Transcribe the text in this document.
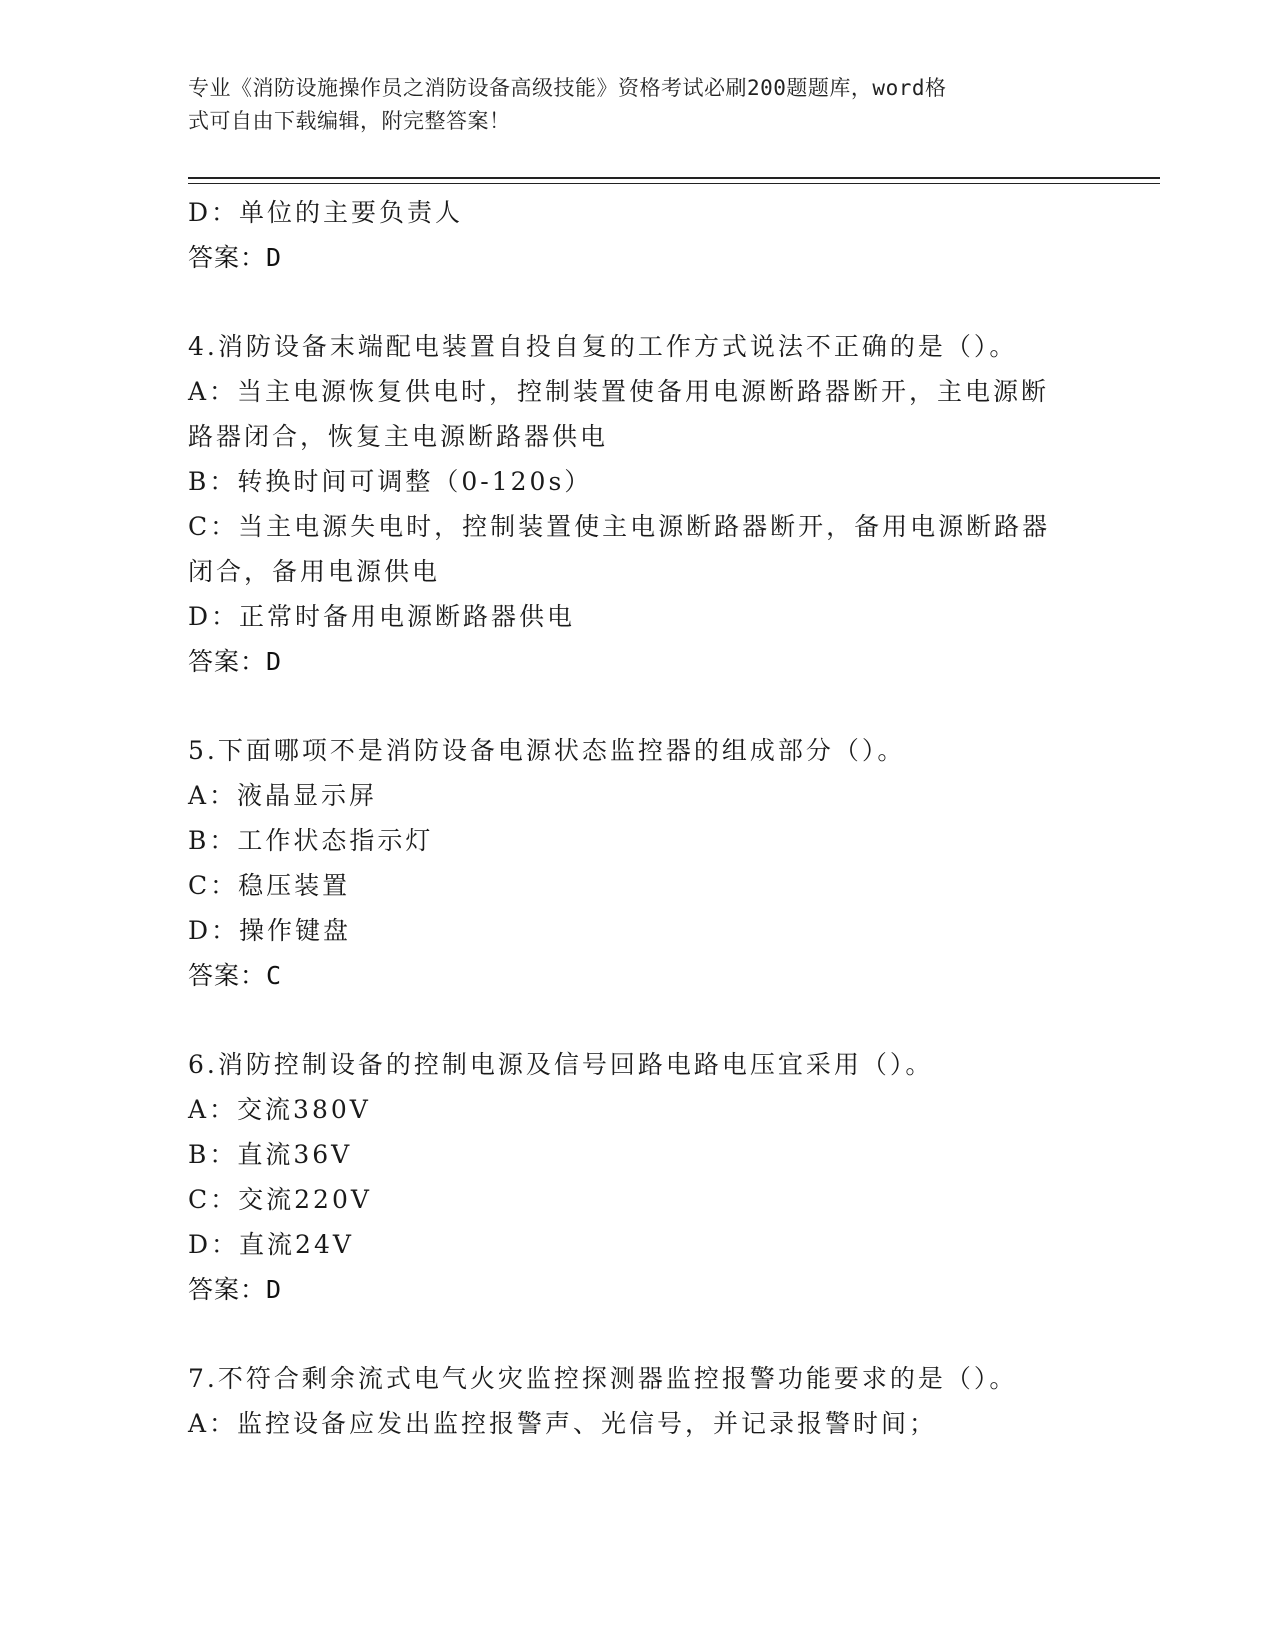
专业《消防设施操作员之消防设备高级技能》资格考试必刷200题题库，word格
式可自由下载编辑，附完整答案！
D：单位的主要负责人
答案：D
4.消防设备末端配电装置自投自复的工作方式说法不正确的是（）。
A：当主电源恢复供电时，控制装置使备用电源断路器断开，主电源断
路器闭合，恢复主电源断路器供电
B：转换时间可调整（0-120s）
C：当主电源失电时，控制装置使主电源断路器断开，备用电源断路器
闭合，备用电源供电
D：正常时备用电源断路器供电
答案：D
5.下面哪项不是消防设备电源状态监控器的组成部分（）。
A：液晶显示屏
B：工作状态指示灯
C：稳压装置
D：操作键盘
答案：C
6.消防控制设备的控制电源及信号回路电路电压宜采用（）。
A：交流380V
B：直流36V
C：交流220V
D：直流24V
答案：D
7.不符合剩余流式电气火灾监控探测器监控报警功能要求的是（）。
A：监控设备应发出监控报警声、光信号，并记录报警时间；
